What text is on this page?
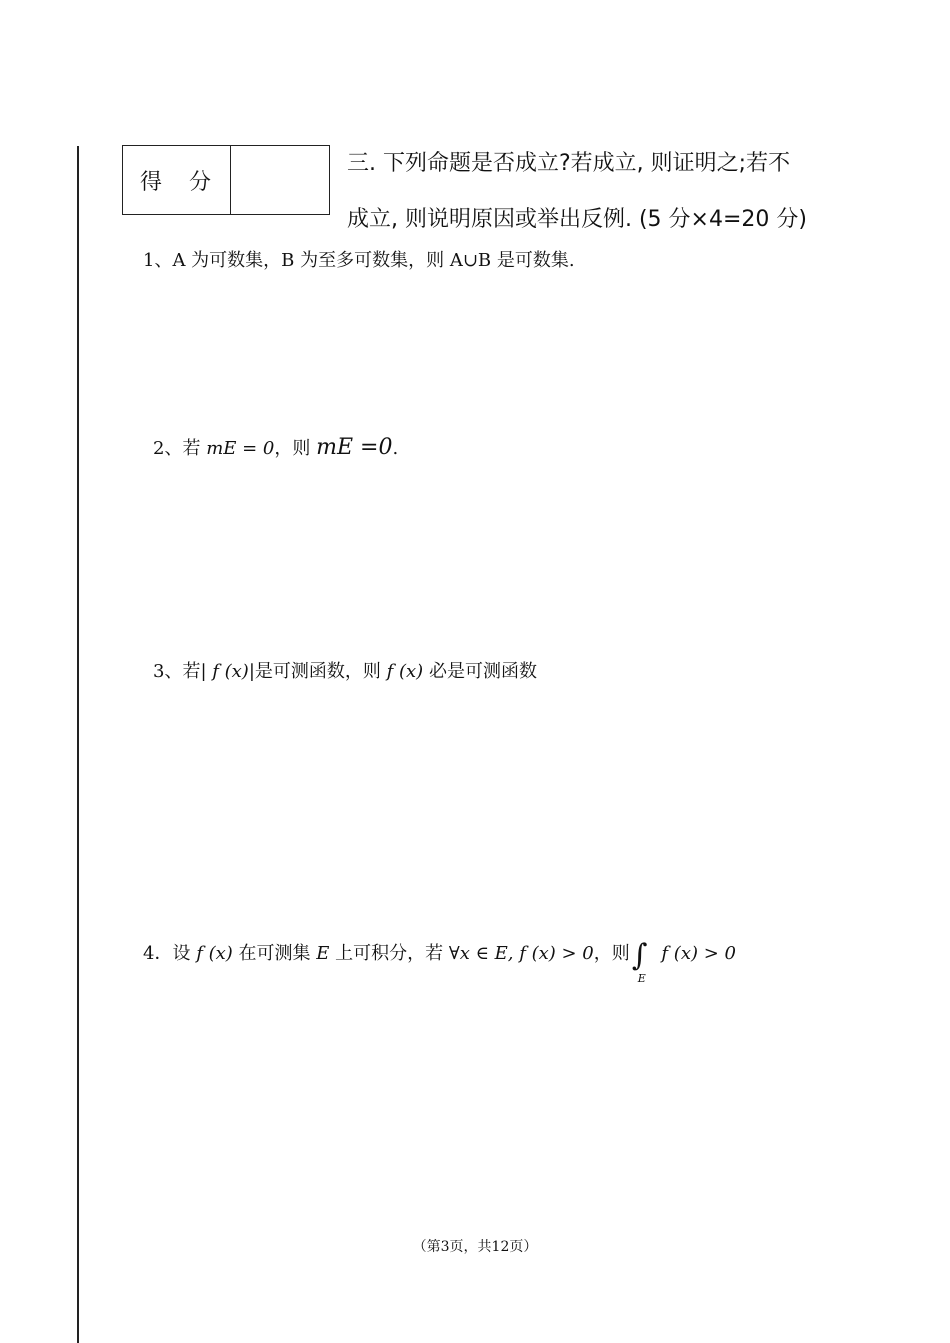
得 分
三. 下列命题是否成立?若成立, 则证明之;若不
成立, 则说明原因或举出反例. (5 分×4=20 分)
1、A 为可数集，B 为至多可数集，则 A∪B 是可数集.
2、若 mE = 0，则 mE =0.
3、若| f (x)|是可测函数，则 f (x) 必是可测函数
4．设 f (x) 在可测集 E 上可积分，若 ∀x ∈ E, f (x) > 0，则∫
E
f (x) > 0
（第3页，共12页）
